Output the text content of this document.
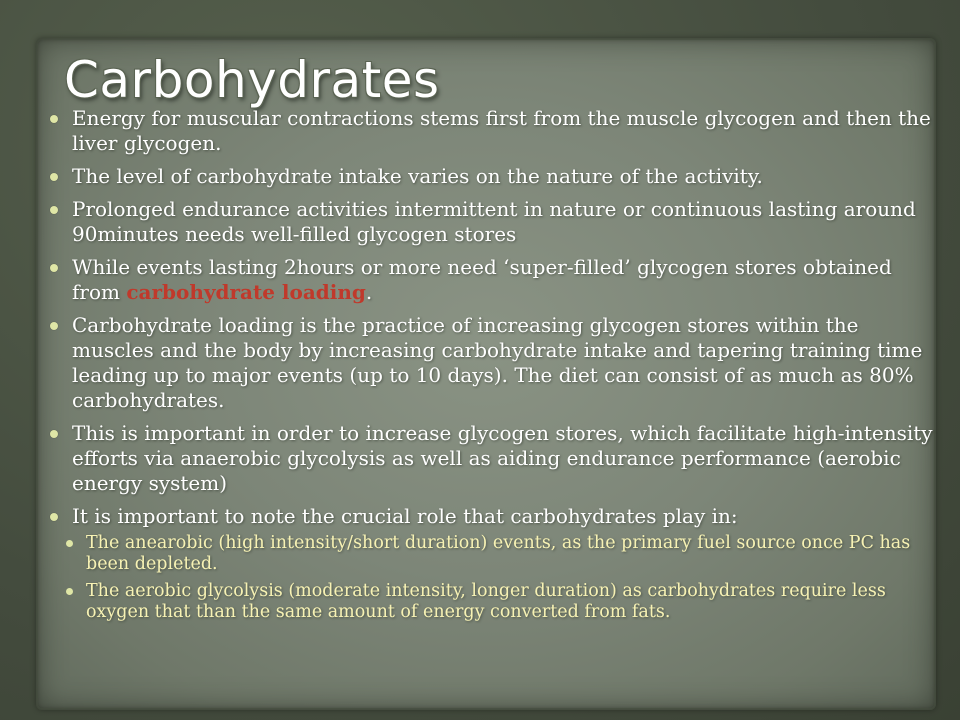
Carbohydrates
Energy for muscular contractions stems first from the muscle glycogen and then the liver glycogen.
The level of carbohydrate intake varies on the nature of the activity.
Prolonged endurance activities intermittent in nature or continuous lasting around 90minutes needs well-filled glycogen stores
While events lasting 2hours or more need ‘super-filled’ glycogen stores obtained from carbohydrate loading.
Carbohydrate loading is the practice of increasing glycogen stores within the muscles and the body by increasing carbohydrate intake and tapering training time leading up to major events (up to 10 days). The diet can consist of as much as 80% carbohydrates.
This is important in order to increase glycogen stores, which facilitate high-intensity efforts via anaerobic glycolysis as well as aiding endurance performance (aerobic energy system)
It is important to note the crucial role that carbohydrates play in:
The anearobic (high intensity/short duration) events, as the primary fuel source once PC has been depleted.
The aerobic glycolysis (moderate intensity, longer duration) as carbohydrates require less oxygen that than the same amount of energy converted from fats.
